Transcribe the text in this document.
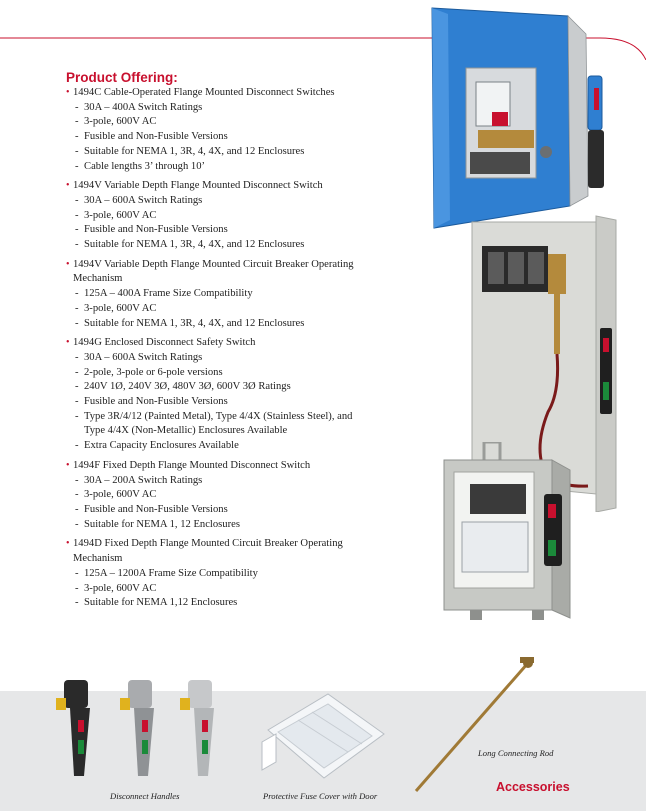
Product Offering:
• 1494C Cable-Operated Flange Mounted Disconnect Switches
- 30A – 400A Switch Ratings
- 3-pole, 600V AC
- Fusible and Non-Fusible Versions
- Suitable for NEMA 1, 3R, 4, 4X, and 12 Enclosures
- Cable lengths 3’ through 10’
• 1494V Variable Depth Flange Mounted Disconnect Switch
- 30A – 600A Switch Ratings
- 3-pole, 600V AC
- Fusible and Non-Fusible Versions
- Suitable for NEMA 1, 3R, 4, 4X, and 12 Enclosures
• 1494V Variable Depth Flange Mounted Circuit Breaker Operating Mechanism
- 125A – 400A Frame Size Compatibility
- 3-pole, 600V AC
- Suitable for NEMA 1, 3R, 4, 4X, and 12 Enclosures
• 1494G Enclosed Disconnect Safety Switch
- 30A – 600A Switch Ratings
- 2-pole, 3-pole or 6-pole versions
- 240V 1Ø, 240V 3Ø, 480V 3Ø, 600V 3Ø Ratings
- Fusible and Non-Fusible Versions
- Type 3R/4/12 (Painted Metal), Type 4/4X (Stainless Steel), and Type 4/4X (Non-Metallic) Enclosures Available
- Extra Capacity Enclosures Available
• 1494F Fixed Depth Flange Mounted Disconnect Switch
- 30A – 200A Switch Ratings
- 3-pole, 600V AC
- Fusible and Non-Fusible Versions
- Suitable for NEMA 1, 12 Enclosures
• 1494D Fixed Depth Flange Mounted Circuit Breaker Operating Mechanism
- 125A – 1200A Frame Size Compatibility
- 3-pole, 600V AC
- Suitable for NEMA 1,12 Enclosures
Disconnect Handles	Protective Fuse Cover with Door
Long Connecting Rod
Accessories
